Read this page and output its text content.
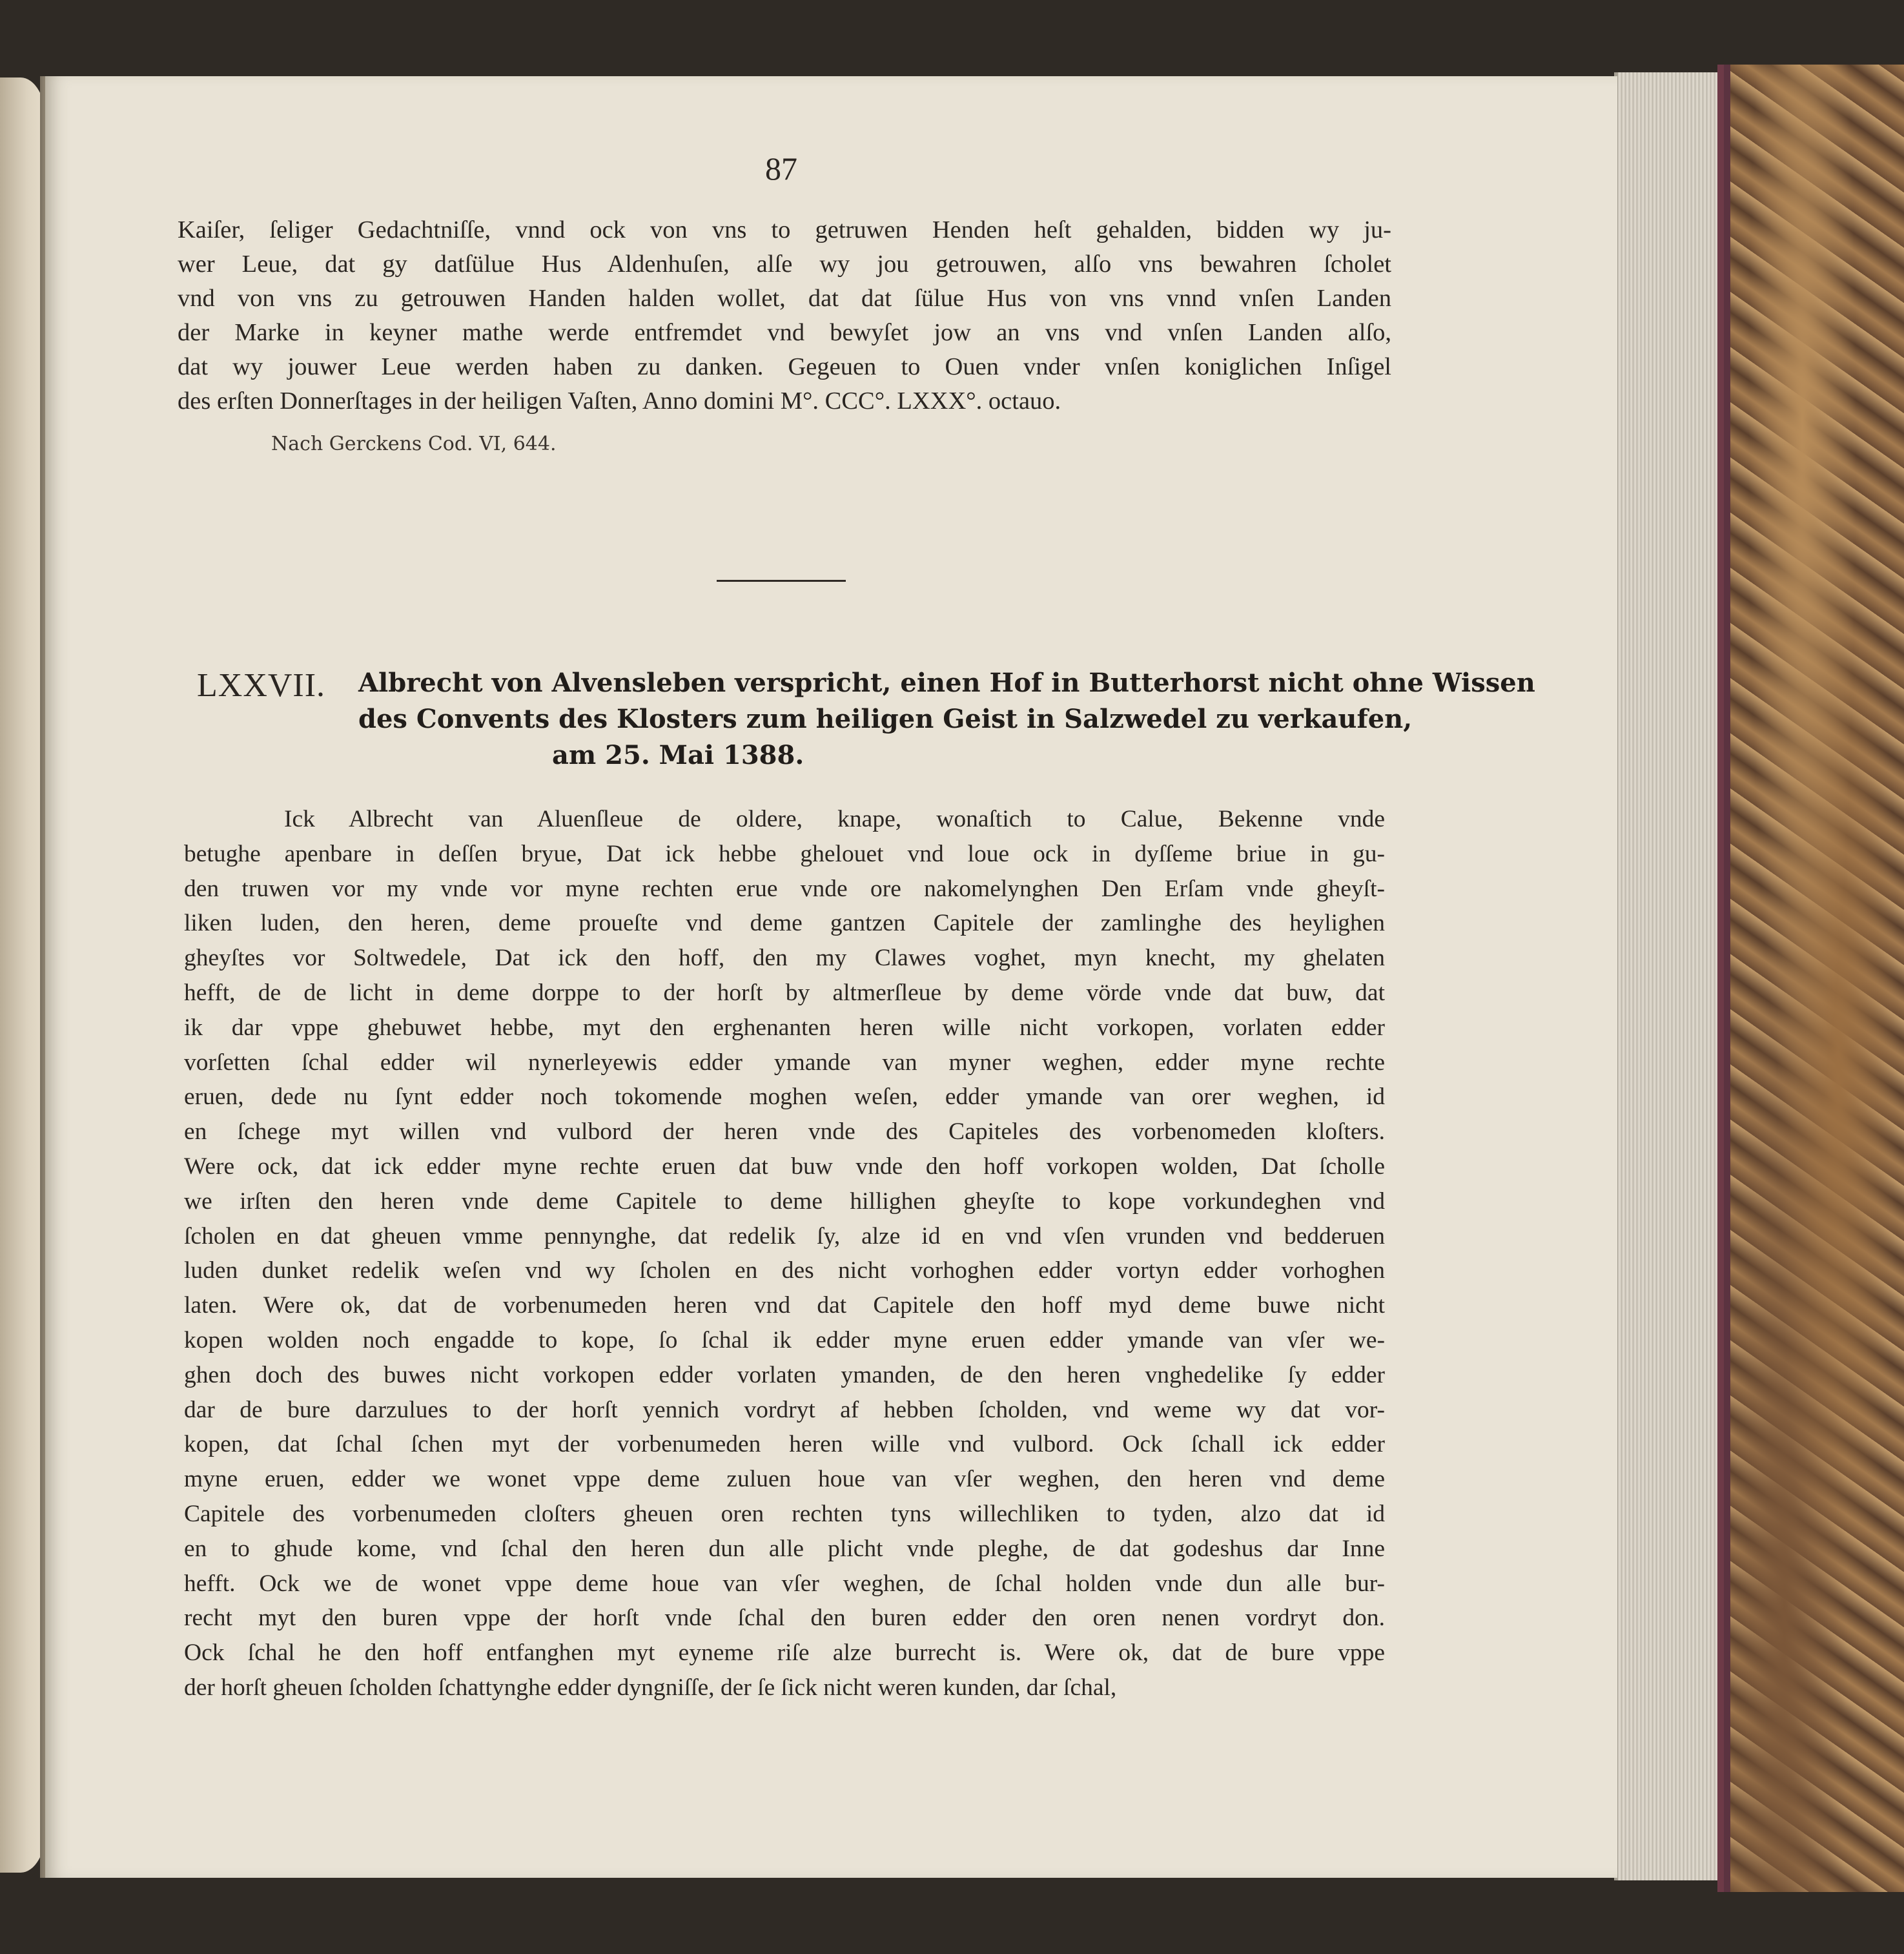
87
Kaiſer, ſeliger Gedachtniſſe, vnnd ock von vns to getruwen Henden heſt gehalden, bidden wy ju-
wer Leue, dat gy datſülue Hus Aldenhuſen, alſe wy jou getrouwen, alſo vns bewahren ſcholet
vnd von vns zu getrouwen Handen halden wollet, dat dat ſülue Hus von vns vnnd vnſen Landen
der Marke in keyner mathe werde entfremdet vnd bewyſet jow an vns vnd vnſen Landen alſo,
dat wy jouwer Leue werden haben zu danken. Gegeuen to Ouen vnder vnſen koniglichen Inſigel
des erſten Donnerſtages in der heiligen Vaſten, Anno domini M°. CCC°. LXXX°. octauo.
Nach Gerckens Cod. VI, 644.
LXXVII. Albrecht von Alvensleben verspricht, einen Hof in Butterhorst nicht ohne Wissen
des Convents des Klosters zum heiligen Geist in Salzwedel zu verkaufen,
am 25. Mai 1388.
Ick Albrecht van Aluenſleue de oldere, knape, wonaſtich to Calue, Bekenne vnde
betughe apenbare in deſſen bryue, Dat ick hebbe ghelouet vnd loue ock in dyſſeme briue in gu-
den truwen vor my vnde vor myne rechten erue vnde ore nakomelynghen Den Erſam vnde gheyſt-
liken luden, den heren, deme proueſte vnd deme gantzen Capitele der zamlinghe des heylighen
gheyſtes vor Soltwedele, Dat ick den hoff, den my Clawes voghet, myn knecht, my ghelaten
hefft, de de licht in deme dorppe to der horſt by altmerſleue by deme vörde vnde dat buw, dat
ik dar vppe ghebuwet hebbe, myt den erghenanten heren wille nicht vorkopen, vorlaten edder
vorſetten ſchal edder wil nynerleyewis edder ymande van myner weghen, edder myne rechte
eruen, dede nu ſynt edder noch tokomende moghen weſen, edder ymande van orer weghen, id
en ſchege myt willen vnd vulbord der heren vnde des Capiteles des vorbenomeden kloſters.
Were ock, dat ick edder myne rechte eruen dat buw vnde den hoff vorkopen wolden, Dat ſcholle
we irſten den heren vnde deme Capitele to deme hillighen gheyſte to kope vorkundeghen vnd
ſcholen en dat gheuen vmme pennynghe, dat redelik ſy, alze id en vnd vſen vrunden vnd bedderuen
luden dunket redelik weſen vnd wy ſcholen en des nicht vorhoghen edder vortyn edder vorhoghen
laten. Were ok, dat de vorbenumeden heren vnd dat Capitele den hoff myd deme buwe nicht
kopen wolden noch engadde to kope, ſo ſchal ik edder myne eruen edder ymande van vſer we-
ghen doch des buwes nicht vorkopen edder vorlaten ymanden, de den heren vnghedelike ſy edder
dar de bure darzulues to der horſt yennich vordryt af hebben ſcholden, vnd weme wy dat vor-
kopen, dat ſchal ſchen myt der vorbenumeden heren wille vnd vulbord. Ock ſchall ick edder
myne eruen, edder we wonet vppe deme zuluen houe van vſer weghen, den heren vnd deme
Capitele des vorbenumeden cloſters gheuen oren rechten tyns willechliken to tyden, alzo dat id
en to ghude kome, vnd ſchal den heren dun alle plicht vnde pleghe, de dat godeshus dar Inne
hefft. Ock we de wonet vppe deme houe van vſer weghen, de ſchal holden vnde dun alle bur-
recht myt den buren vppe der horſt vnde ſchal den buren edder den oren nenen vordryt don.
Ock ſchal he den hoff entfanghen myt eyneme riſe alze burrecht is. Were ok, dat de bure vppe
der horſt gheuen ſcholden ſchattynghe edder dyngniſſe, der ſe ſick nicht weren kunden, dar ſchal,
